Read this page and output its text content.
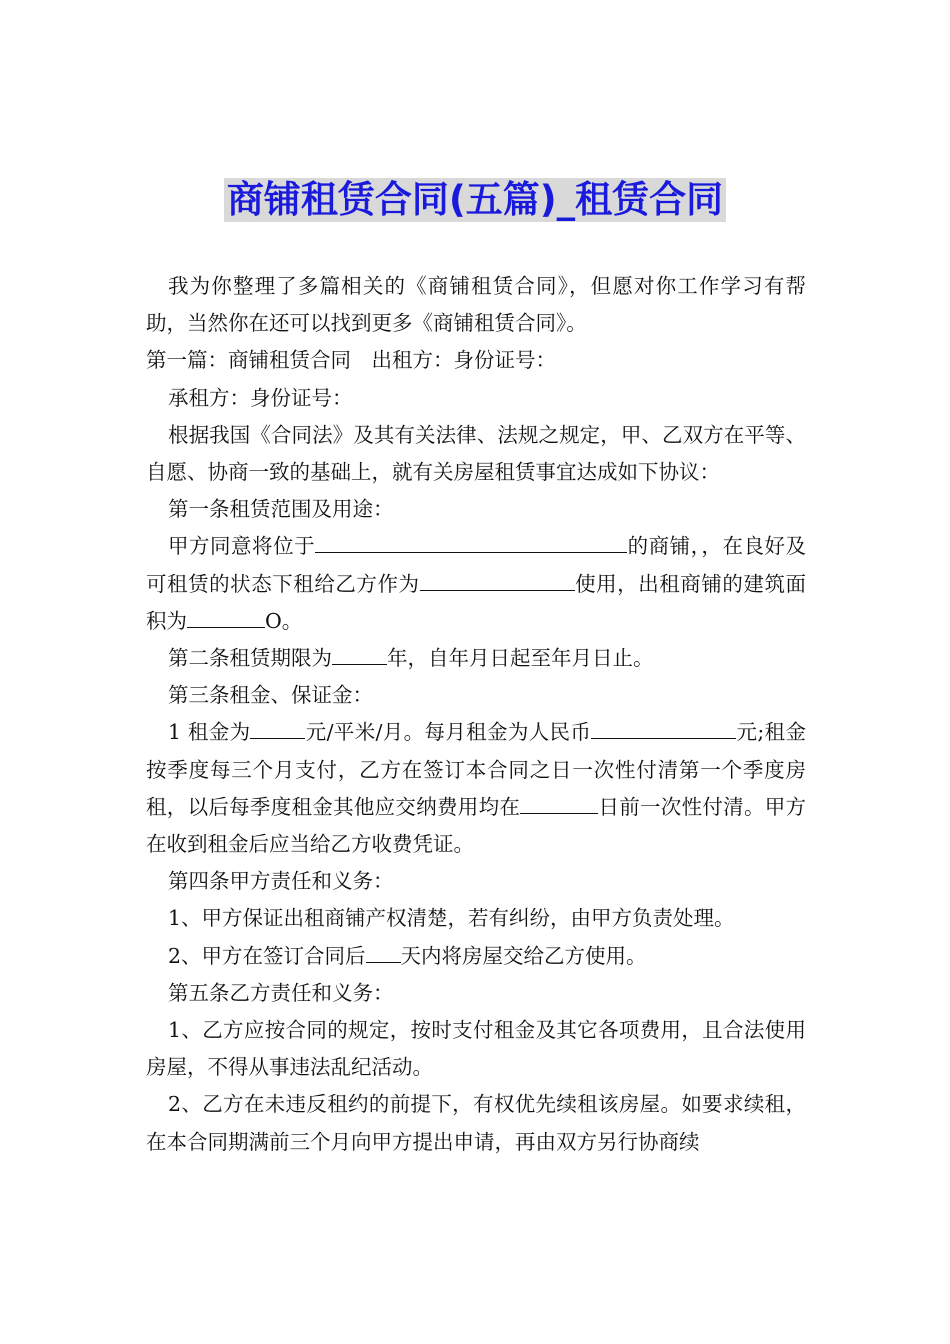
商铺租赁合同(五篇)_租赁合同

我为你整理了多篇相关的《商铺租赁合同》，但愿对你工作学习有帮助，当然你在还可以找到更多《商铺租赁合同》。

第一篇：商铺租赁合同　出租方：身份证号：

承租方：身份证号：

根据我国《合同法》及其有关法律、法规之规定，甲、乙双方在平等、自愿、协商一致的基础上，就有关房屋租赁事宜达成如下协议：

第一条租赁范围及用途：

甲方同意将位于	的商铺，，在良好及可租赁的状态下租给乙方作为	使用，出租商铺的建筑面积为	O。

第二条租赁期限为	年，自年月日起至年月日止。

第三条租金、保证金：

1 租金为	元/平米/月。每月租金为人民币	元;租金按季度每三个月支付，乙方在签订本合同之日一次性付清第一个季度房租，以后每季度租金其他应交纳费用均在	日前一次性付清。甲方在收到租金后应当给乙方收费凭证。

第四条甲方责任和义务：

1、甲方保证出租商铺产权清楚，若有纠纷，由甲方负责处理。

2、甲方在签订合同后 天内将房屋交给乙方使用。

第五条乙方责任和义务：

1、乙方应按合同的规定，按时支付租金及其它各项费用，且合法使用房屋，不得从事违法乱纪活动。

2、乙方在未违反租约的前提下，有权优先续租该房屋。如要求续租，在本合同期满前三个月向甲方提出申请，再由双方另行协商续
